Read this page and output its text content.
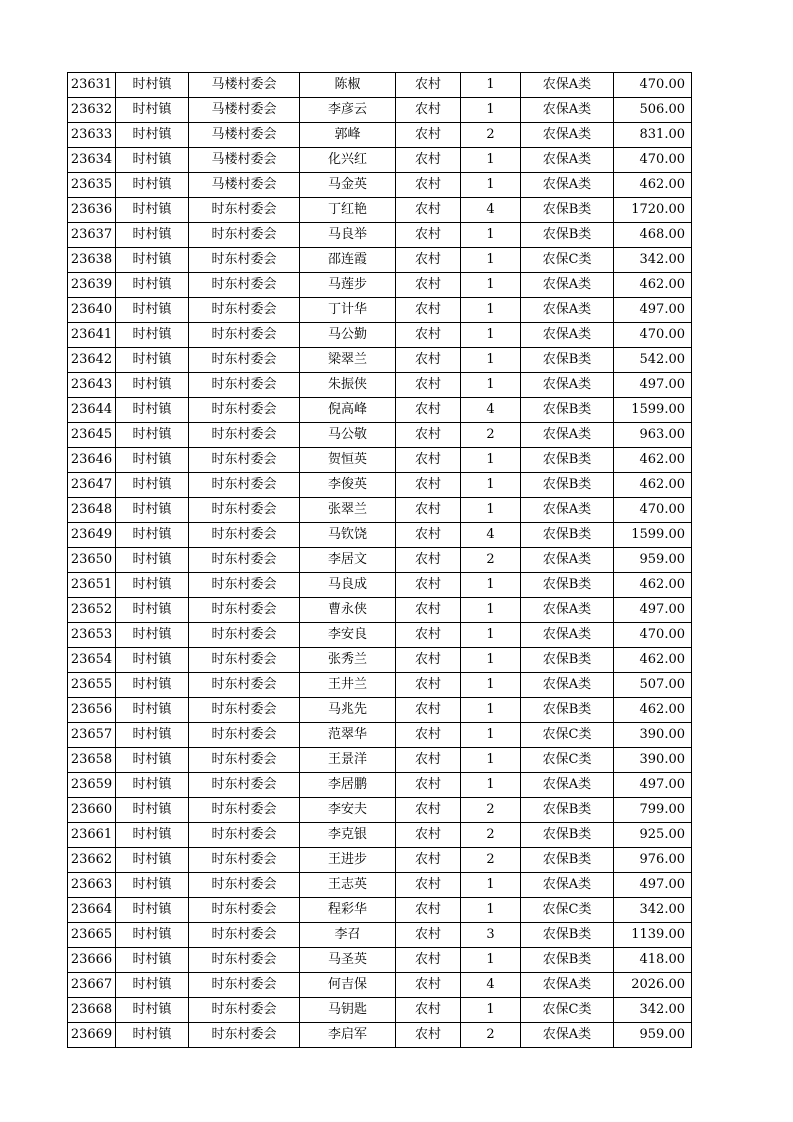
23631	时村镇	马楼村委会	陈椒	农村	1	农保A类	470.00
23632	时村镇	马楼村委会	李彦云	农村	1	农保A类	506.00
23633	时村镇	马楼村委会	郭峰	农村	2	农保A类	831.00
23634	时村镇	马楼村委会	化兴红	农村	1	农保A类	470.00
23635	时村镇	马楼村委会	马金英	农村	1	农保A类	462.00
23636	时村镇	时东村委会	丁红艳	农村	4	农保B类	1720.00
23637	时村镇	时东村委会	马良举	农村	1	农保B类	468.00
23638	时村镇	时东村委会	邵连霞	农村	1	农保C类	342.00
23639	时村镇	时东村委会	马莲步	农村	1	农保A类	462.00
23640	时村镇	时东村委会	丁计华	农村	1	农保A类	497.00
23641	时村镇	时东村委会	马公勤	农村	1	农保A类	470.00
23642	时村镇	时东村委会	梁翠兰	农村	1	农保B类	542.00
23643	时村镇	时东村委会	朱振侠	农村	1	农保A类	497.00
23644	时村镇	时东村委会	倪高峰	农村	4	农保B类	1599.00
23645	时村镇	时东村委会	马公敬	农村	2	农保A类	963.00
23646	时村镇	时东村委会	贺恒英	农村	1	农保B类	462.00
23647	时村镇	时东村委会	李俊英	农村	1	农保B类	462.00
23648	时村镇	时东村委会	张翠兰	农村	1	农保A类	470.00
23649	时村镇	时东村委会	马钦饶	农村	4	农保B类	1599.00
23650	时村镇	时东村委会	李居文	农村	2	农保A类	959.00
23651	时村镇	时东村委会	马良成	农村	1	农保B类	462.00
23652	时村镇	时东村委会	曹永侠	农村	1	农保A类	497.00
23653	时村镇	时东村委会	李安良	农村	1	农保A类	470.00
23654	时村镇	时东村委会	张秀兰	农村	1	农保B类	462.00
23655	时村镇	时东村委会	王井兰	农村	1	农保A类	507.00
23656	时村镇	时东村委会	马兆先	农村	1	农保B类	462.00
23657	时村镇	时东村委会	范翠华	农村	1	农保C类	390.00
23658	时村镇	时东村委会	王景洋	农村	1	农保C类	390.00
23659	时村镇	时东村委会	李居鹏	农村	1	农保A类	497.00
23660	时村镇	时东村委会	李安夫	农村	2	农保B类	799.00
23661	时村镇	时东村委会	李克银	农村	2	农保B类	925.00
23662	时村镇	时东村委会	王进步	农村	2	农保B类	976.00
23663	时村镇	时东村委会	王志英	农村	1	农保A类	497.00
23664	时村镇	时东村委会	程彩华	农村	1	农保C类	342.00
23665	时村镇	时东村委会	李召	农村	3	农保B类	1139.00
23666	时村镇	时东村委会	马圣英	农村	1	农保B类	418.00
23667	时村镇	时东村委会	何吉保	农村	4	农保A类	2026.00
23668	时村镇	时东村委会	马钥匙	农村	1	农保C类	342.00
23669	时村镇	时东村委会	李启军	农村	2	农保A类	959.00
